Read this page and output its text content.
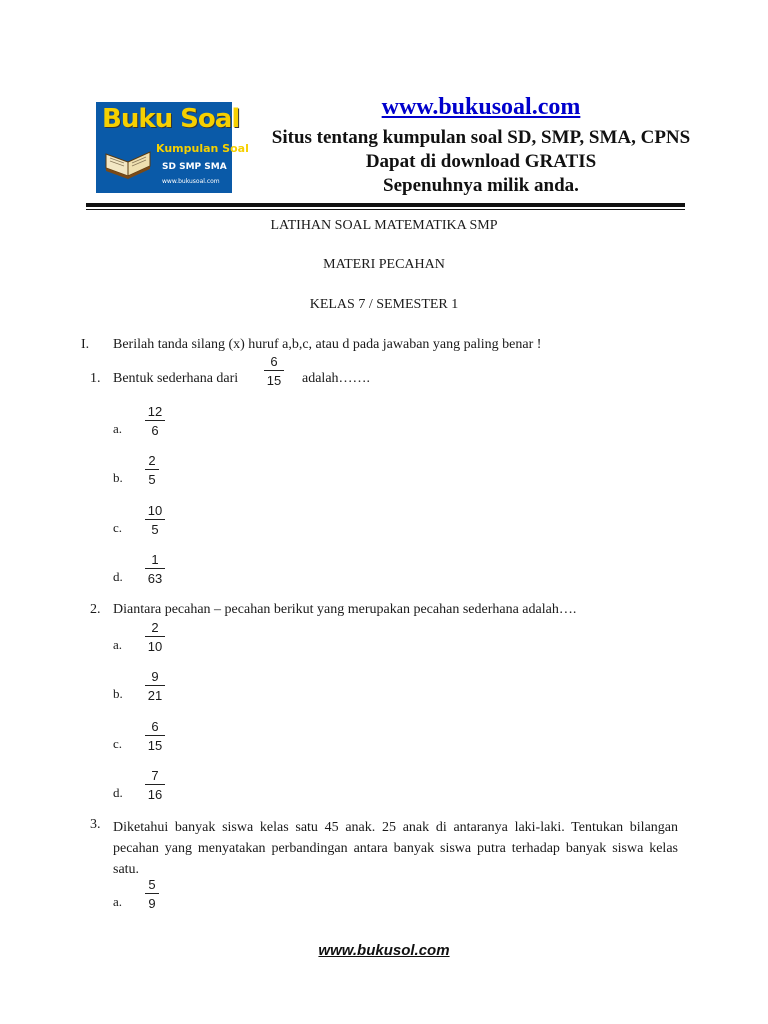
Buku Soal
Kumpulan Soal
SD SMP SMA
www.bukusoal.com
www.bukusoal.com
Situs tentang kumpulan soal SD, SMP, SMA, CPNS
Dapat di download GRATIS
Sepenuhnya milik anda.
LATIHAN SOAL MATEMATIKA SMP
MATERI PECAHAN
KELAS 7 / SEMESTER 1
I. Berilah tanda silang (x) huruf a,b,c, atau d pada jawaban yang paling benar !
1. Bentuk sederhana dari
6
15 adalah…….
a.
12
6
b.
2
5
c.
10
5
d.
1
63
2. Diantara pecahan – pecahan berikut yang merupakan pecahan sederhana adalah….
a.
2
10
b.
9
21
c.
6
15
d.
7
16
3. Diketahui banyak siswa kelas satu 45 anak. 25 anak di antaranya laki-laki. Tentukan bilangan pecahan yang menyatakan perbandingan antara banyak siswa putra terhadap banyak siswa kelas satu.
a.
5
9
www.bukusol.com
